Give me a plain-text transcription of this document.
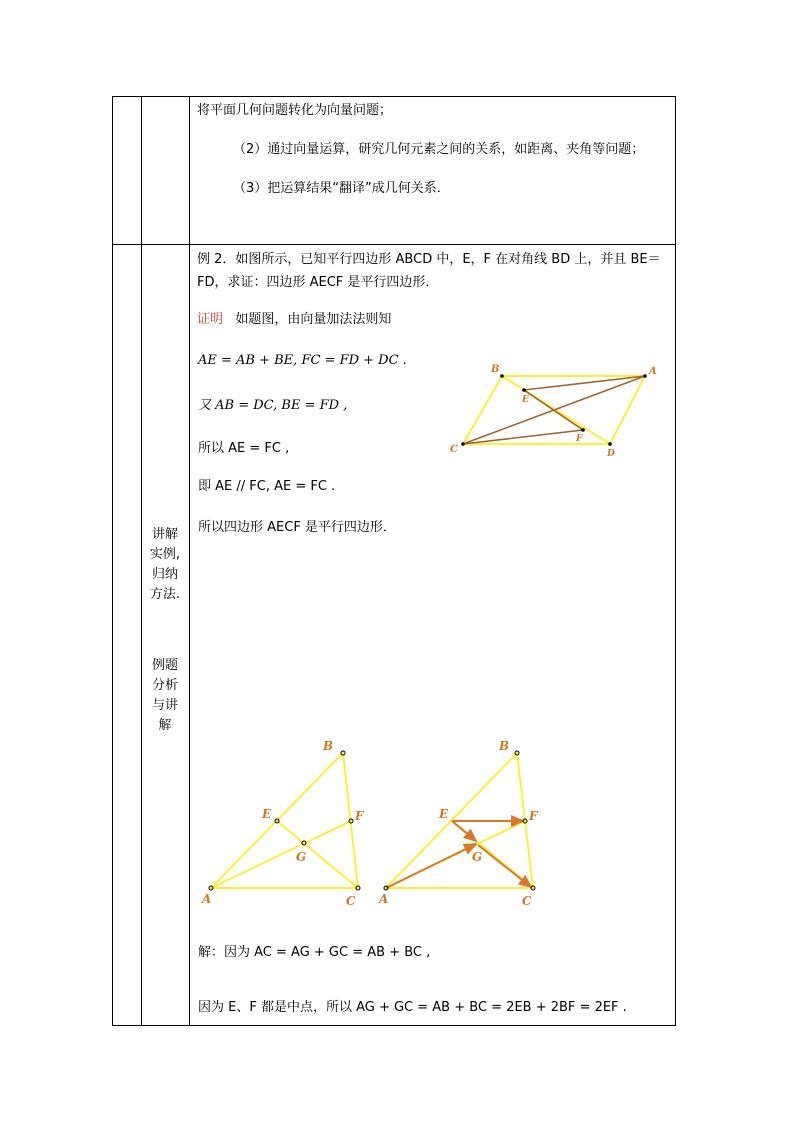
将平面几何问题转化为向量问题；
（2）通过向量运算，研究几何元素之间的关系，如距离、夹角等问题；
（3）把运算结果“翻译”成几何关系.
讲解
实例,
归纳
方法.
例题
分析
与讲
解
例 2．如图所示，已知平行四边形 ABCD 中，E，F 在对角线 BD 上，并且 BE＝
FD，求证：四边形 AECF 是平行四边形．
证明 如题图，由向量加法法则知
AE = AB + BE, FC = FD + DC .
又 AB = DC, BE = FD ,
所以 AE = FC ,
即 AE // FC, AE = FC .
所以四边形 AECF 是平行四边形．
B	A
E
F
C	D
B
E	F
G
A	C
B
E	F
G
A	C
解：因为 AC = AG + GC = AB + BC ,
因为 E、F 都是中点，所以 AG + GC = AB + BC = 2EB + 2BF = 2EF .
